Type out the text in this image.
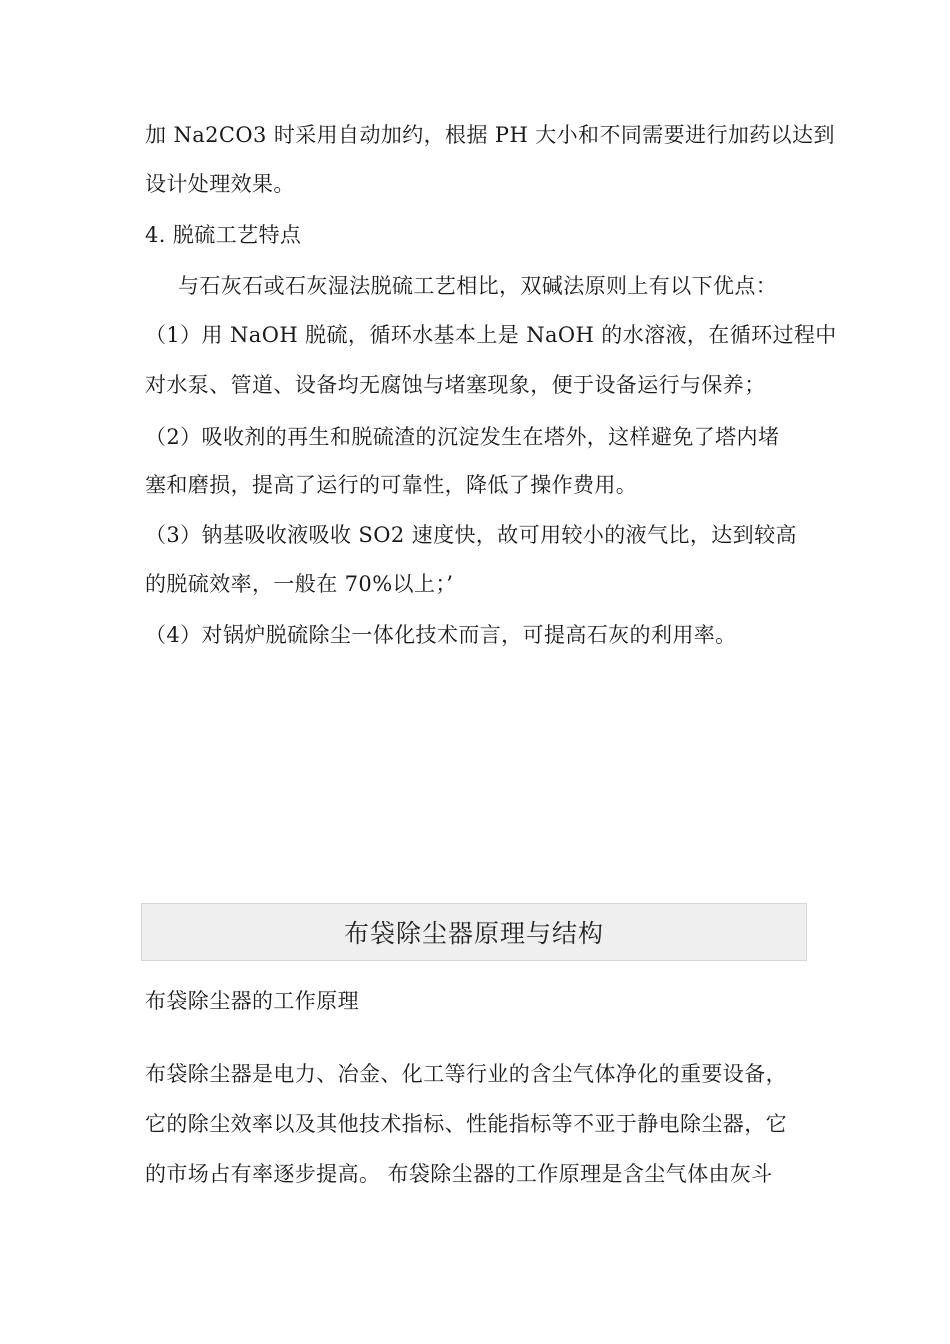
加 Na2CO3 时采用自动加约，根据 PH 大小和不同需要进行加药以达到
设计处理效果。
4. 脱硫工艺特点
与石灰石或石灰湿法脱硫工艺相比，双碱法原则上有以下优点：
（1）用 NaOH 脱硫，循环水基本上是 NaOH 的水溶液，在循环过程中
对水泵、管道、设备均无腐蚀与堵塞现象，便于设备运行与保养；
（2）吸收剂的再生和脱硫渣的沉淀发生在塔外，这样避免了塔内堵
塞和磨损，提高了运行的可靠性，降低了操作费用。
（3）钠基吸收液吸收 SO2 速度快，故可用较小的液气比，达到较高
的脱硫效率，一般在 70%以上；’
（4）对锅炉脱硫除尘一体化技术而言，可提高石灰的利用率。
布袋除尘器原理与结构
布袋除尘器的工作原理
布袋除尘器是电力、冶金、化工等行业的含尘气体净化的重要设备，
它的除尘效率以及其他技术指标、性能指标等不亚于静电除尘器，它
的市场占有率逐步提高。 布袋除尘器的工作原理是含尘气体由灰斗
